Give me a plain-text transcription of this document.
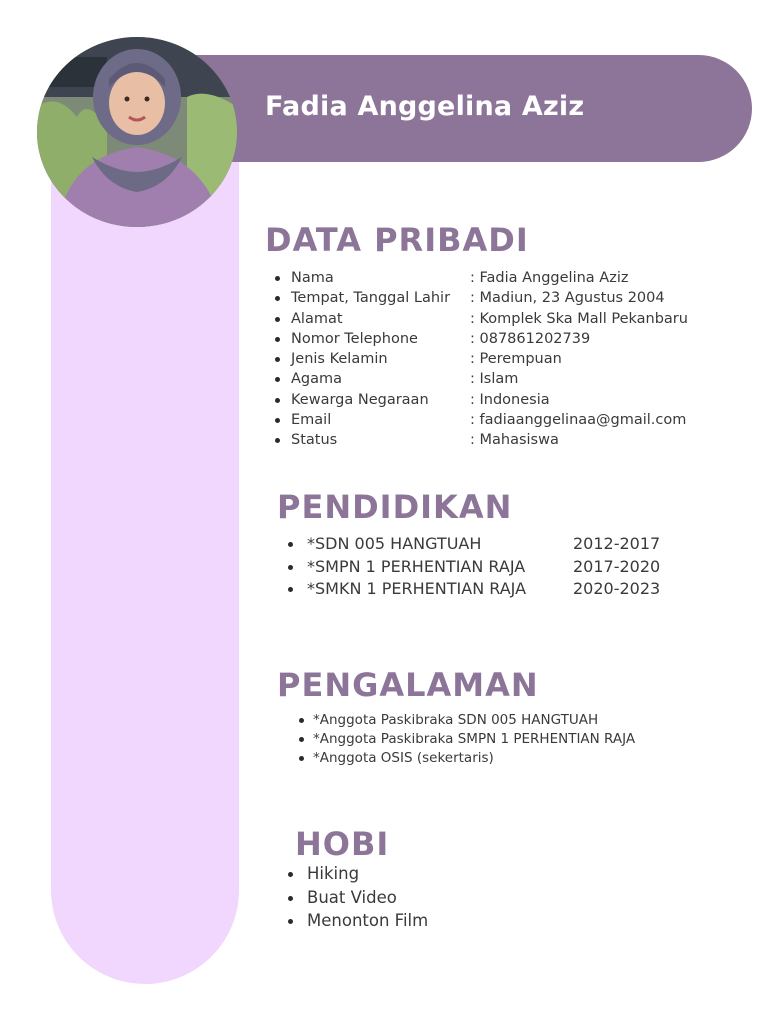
Fadia Anggelina Aziz
DATA PRIBADI
Nama	: Fadia Anggelina Aziz
Tempat, Tanggal Lahir : Madiun, 23 Agustus 2004
Alamat	: Komplek Ska Mall Pekanbaru
Nomor Telephone	: 087861202739
Jenis Kelamin	: Perempuan
Agama	: Islam
Kewarga Negaraan	: Indonesia
Email	: fadiaanggelinaa@gmail.com
Status	: Mahasiswa
PENDIDIKAN
*SDN 005 HANGTUAH	2012-2017
*SMPN 1 PERHENTIAN RAJA	2017-2020
*SMKN 1 PERHENTIAN RAJA	2020-2023
PENGALAMAN
*Anggota Paskibraka SDN 005 HANGTUAH
*Anggota Paskibraka SMPN 1 PERHENTIAN RAJA
*Anggota OSIS (sekertaris)
HOBI
Hiking
Buat Video
Menonton Film
